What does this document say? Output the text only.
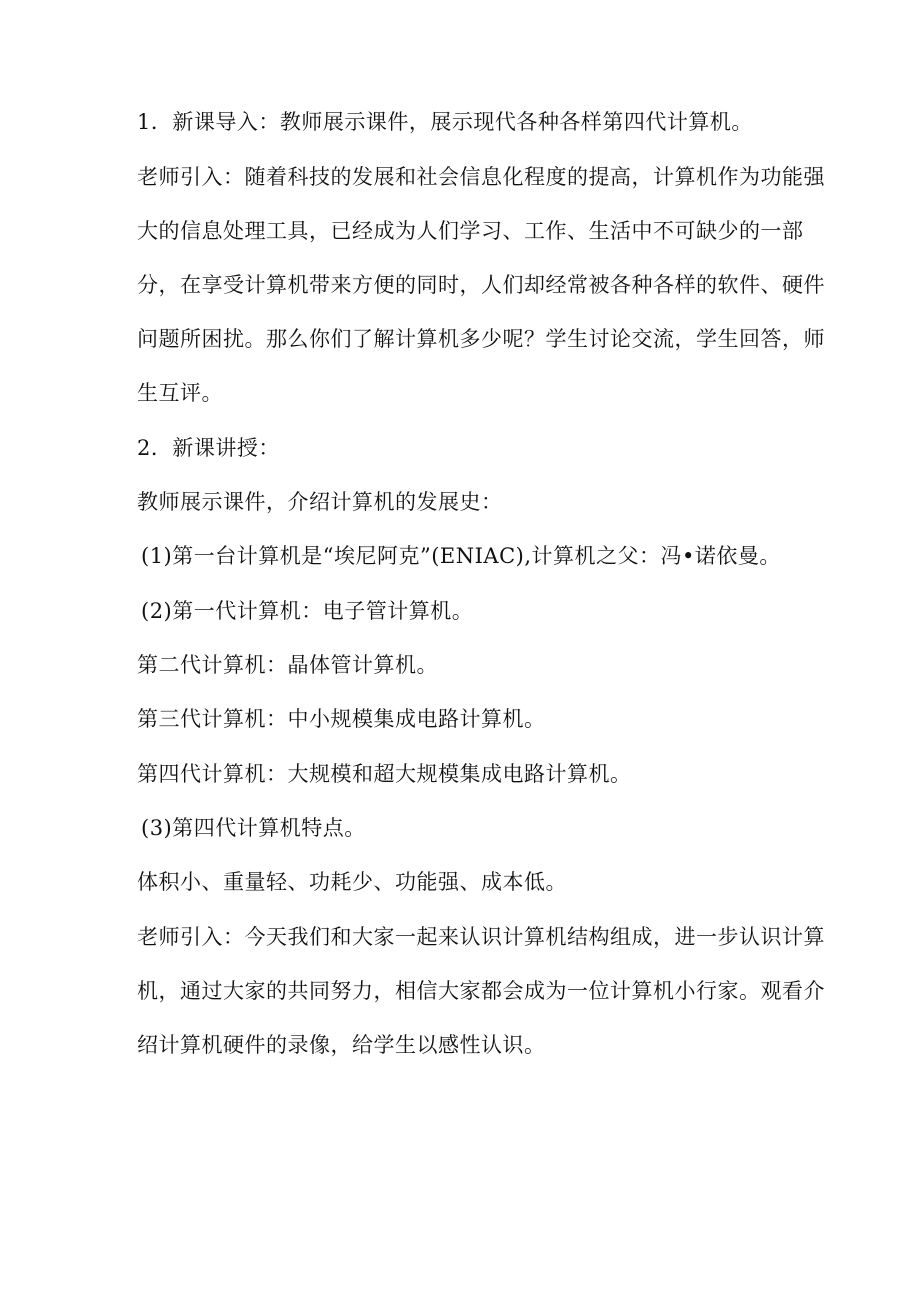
1．新课导入：教师展示课件，展示现代各种各样第四代计算机。
老师引入：随着科技的发展和社会信息化程度的提高，计算机作为功能强
大的信息处理工具，已经成为人们学习、工作、生活中不可缺少的一部
分，在享受计算机带来方便的同时，人们却经常被各种各样的软件、硬件
问题所困扰。那么你们了解计算机多少呢？学生讨论交流，学生回答，师
生互评。
2．新课讲授：
教师展示课件，介绍计算机的发展史：
(1)第一台计算机是“埃尼阿克”(ENIAC),计算机之父：冯•诺依曼。
(2)第一代计算机：电子管计算机。
第二代计算机：晶体管计算机。
第三代计算机：中小规模集成电路计算机。
第四代计算机：大规模和超大规模集成电路计算机。
(3)第四代计算机特点。
体积小、重量轻、功耗少、功能强、成本低。
老师引入：今天我们和大家一起来认识计算机结构组成，进一步认识计算
机，通过大家的共同努力，相信大家都会成为一位计算机小行家。观看介
绍计算机硬件的录像，给学生以感性认识。
